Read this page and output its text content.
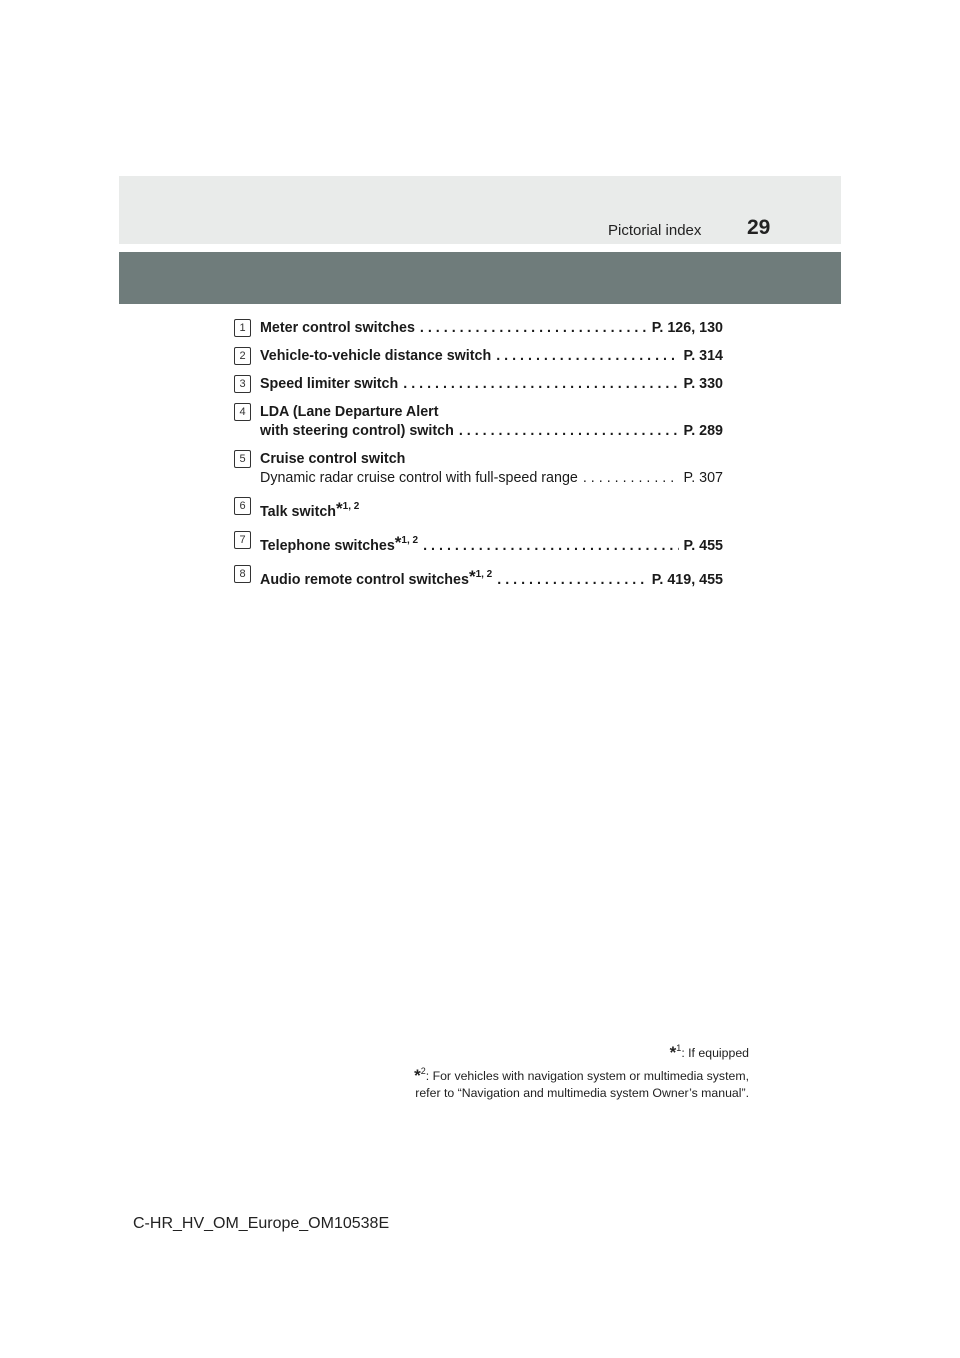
Pictorial index 29
1	Meter control switches . . .	P. 126, 130
2	Vehicle-to-vehicle distance switch . . .	P. 314
3	Speed limiter switch . . .	P. 330
4	LDA (Lane Departure Alert
with steering control) switch . . .	P. 289
5	Cruise control switch
Dynamic radar cruise control with full-speed range . . .	P. 307
6	Talk switch*$^{1, 2}$
7	Telephone switches*$^{1, 2}$ . . .	P. 455
8	Audio remote control switches*$^{1, 2}$ . . .	P. 419, 455
*$^1$: If equipped
*$^2$: For vehicles with navigation system or multimedia system,
refer to “Navigation and multimedia system Owner’s manual”.
C-HR_HV_OM_Europe_OM10538E
